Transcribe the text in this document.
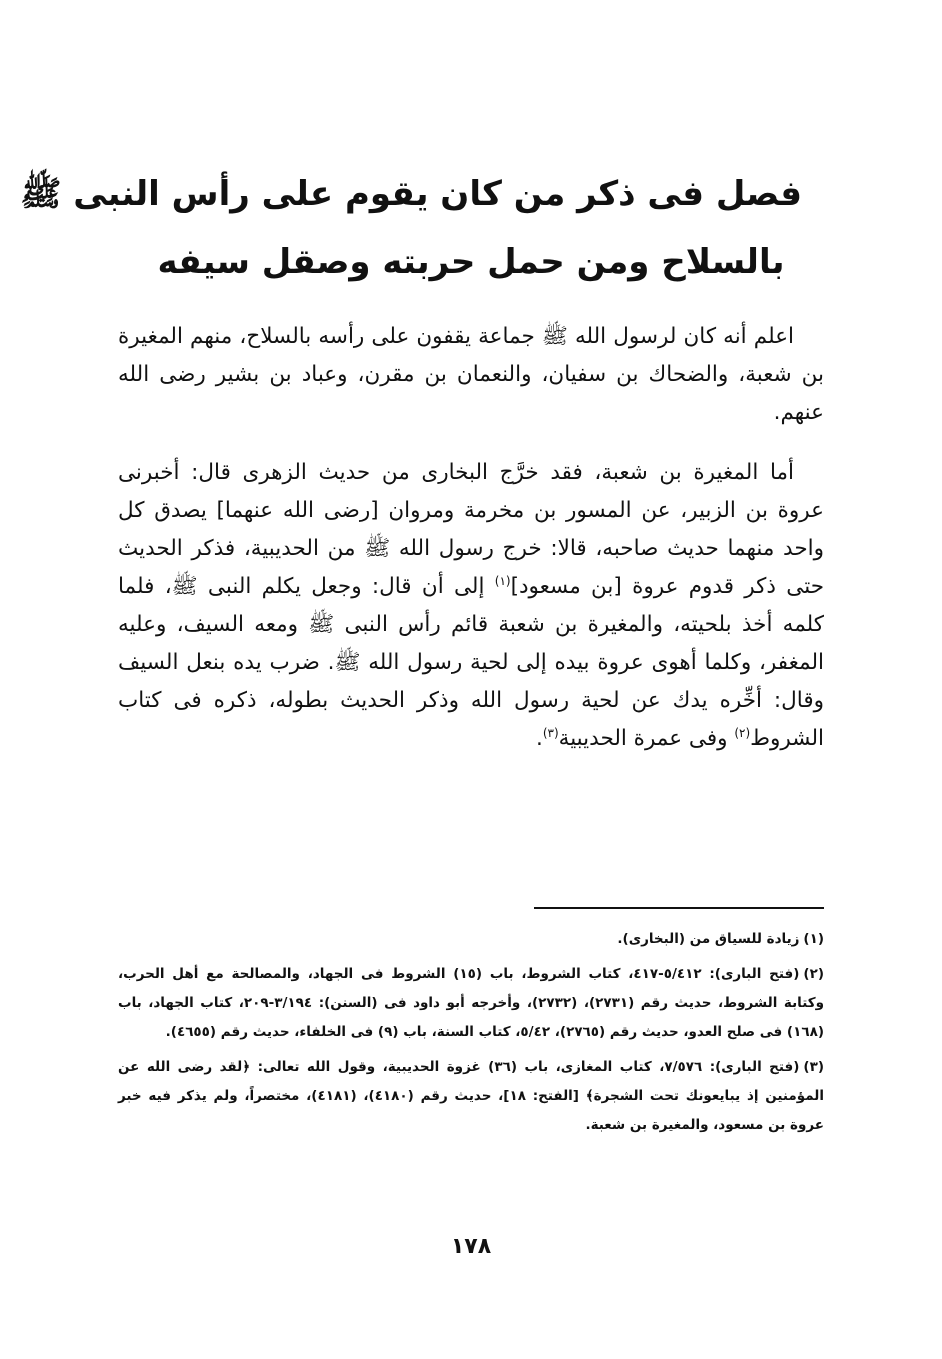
فصل فى ذكر من كان يقوم على رأس النبى ﷺ
بالسلاح ومن حمل حربته وصقل سيفه

اعلم أنه كان لرسول الله ﷺ جماعة يقفون على رأسه بالسلاح، منهم المغيرة بن شعبة، والضحاك بن سفيان، والنعمان بن مقرن، وعباد بن بشير رضى الله عنهم.

أما المغيرة بن شعبة، فقد خرَّج البخارى من حديث الزهرى قال: أخبرنى عروة بن الزبير، عن المسور بن مخرمة ومروان [رضى الله عنهما] يصدق كل واحد منهما حديث صاحبه، قالا: خرج رسول الله ﷺ من الحديبية، فذكر الحديث حتى ذكر قدوم عروة [بن مسعود]$^{(١)}$ إلى أن قال: وجعل يكلم النبى ﷺ، فلما كلمه أخذ بلحيته، والمغيرة بن شعبة قائم رأس النبى ﷺ ومعه السيف، وعليه المغفر، وكلما أهوى عروة بيده إلى لحية رسول الله ﷺ. ضرب يده بنعل السيف وقال: أخِّره يدك عن لحية رسول الله وذكر الحديث بطوله، ذكره فى كتاب الشروط$^{(٢)}$ وفى عمرة الحديبية$^{(٣)}$.

(١)زيادة للسياق من (البخارى).

(٢)(فتح البارى): ٥/٤١٢-٤١٧، كتاب الشروط، باب (١٥) الشروط فى الجهاد، والمصالحة مع أهل الحرب، وكتابة الشروط، حديث رقم (٢٧٣١)، (٢٧٣٢)، وأخرجه أبو داود فى (السنن): ٣/١٩٤-٢٠٩، كتاب الجهاد، باب (١٦٨) فى صلح العدو، حديث رقم (٢٧٦٥)، ٥/٤٢، كتاب السنة، باب (٩) فى الخلفاء، حديث رقم (٤٦٥٥).

(٣)(فتح البارى): ٧/٥٧٦، كتاب المغازى، باب (٣٦) غزوة الحديبية، وقول الله تعالى: ﴿لقد رضى الله عن المؤمنين إذ يبايعونك تحت الشجرة﴾ [الفتح: ١٨]، حديث رقم (٤١٨٠)، (٤١٨١)، مختصراً، ولم يذكر فيه خبر عروة بن مسعود، والمغيرة بن شعبة.

١٧٨
